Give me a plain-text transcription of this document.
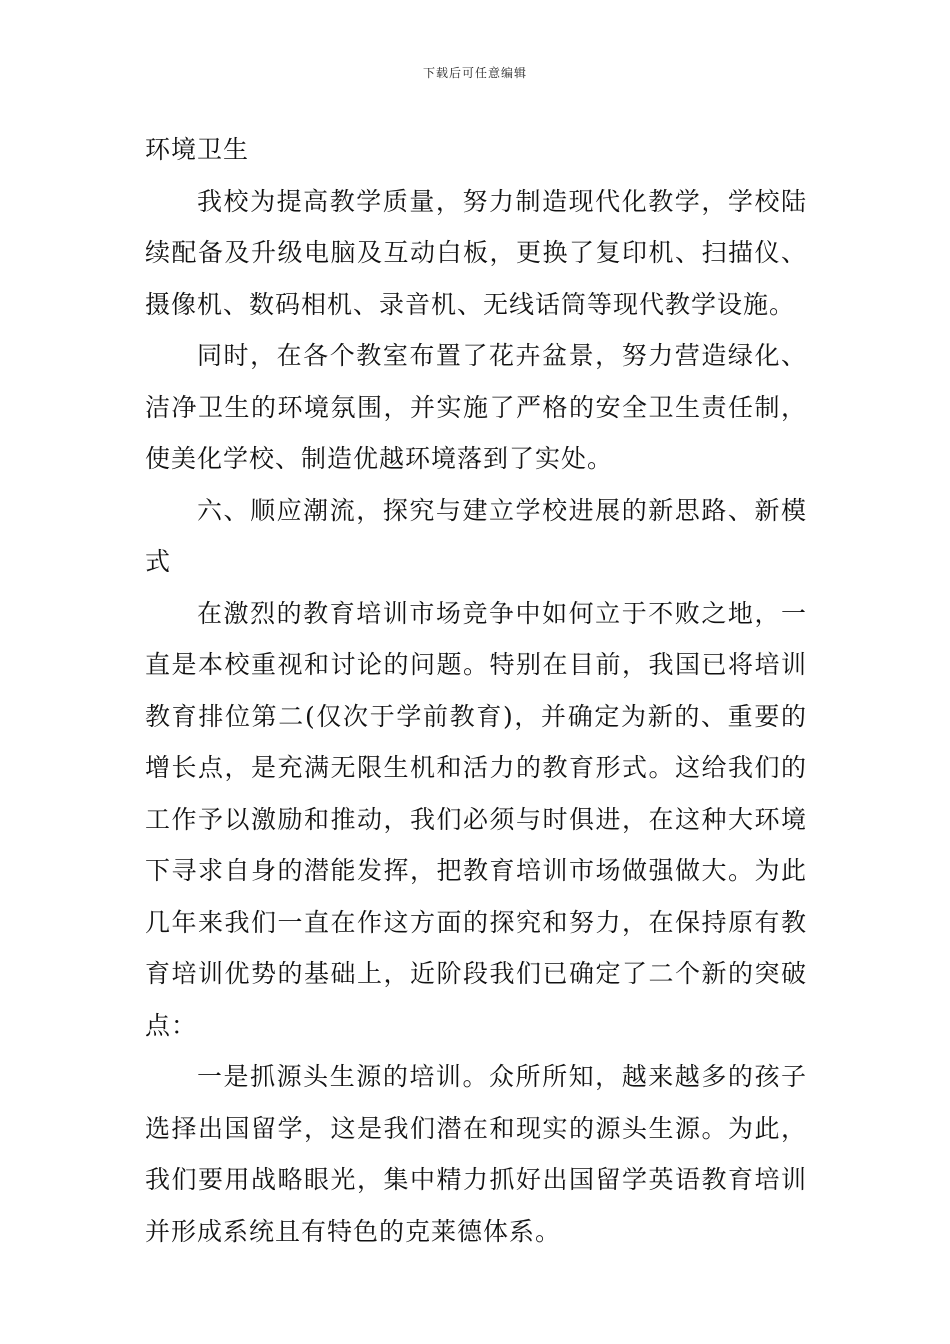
下载后可任意编辑

环境卫生

我校为提高教学质量，努力制造现代化教学，学校陆续配备及升级电脑及互动白板，更换了复印机、扫描仪、摄像机、数码相机、录音机、无线话筒等现代教学设施。

同时，在各个教室布置了花卉盆景，努力营造绿化、洁净卫生的环境氛围，并实施了严格的安全卫生责任制，使美化学校、制造优越环境落到了实处。

六、顺应潮流，探究与建立学校进展的新思路、新模式

在激烈的教育培训市场竞争中如何立于不败之地，一直是本校重视和讨论的问题。特别在目前，我国已将培训教育排位第二(仅次于学前教育)，并确定为新的、重要的增长点，是充满无限生机和活力的教育形式。这给我们的工作予以激励和推动，我们必须与时俱进，在这种大环境下寻求自身的潜能发挥，把教育培训市场做强做大。为此几年来我们一直在作这方面的探究和努力，在保持原有教育培训优势的基础上，近阶段我们已确定了二个新的突破点：

一是抓源头生源的培训。众所所知，越来越多的孩子选择出国留学，这是我们潜在和现实的源头生源。为此，我们要用战略眼光，集中精力抓好出国留学英语教育培训并形成系统且有特色的克莱德体系。
